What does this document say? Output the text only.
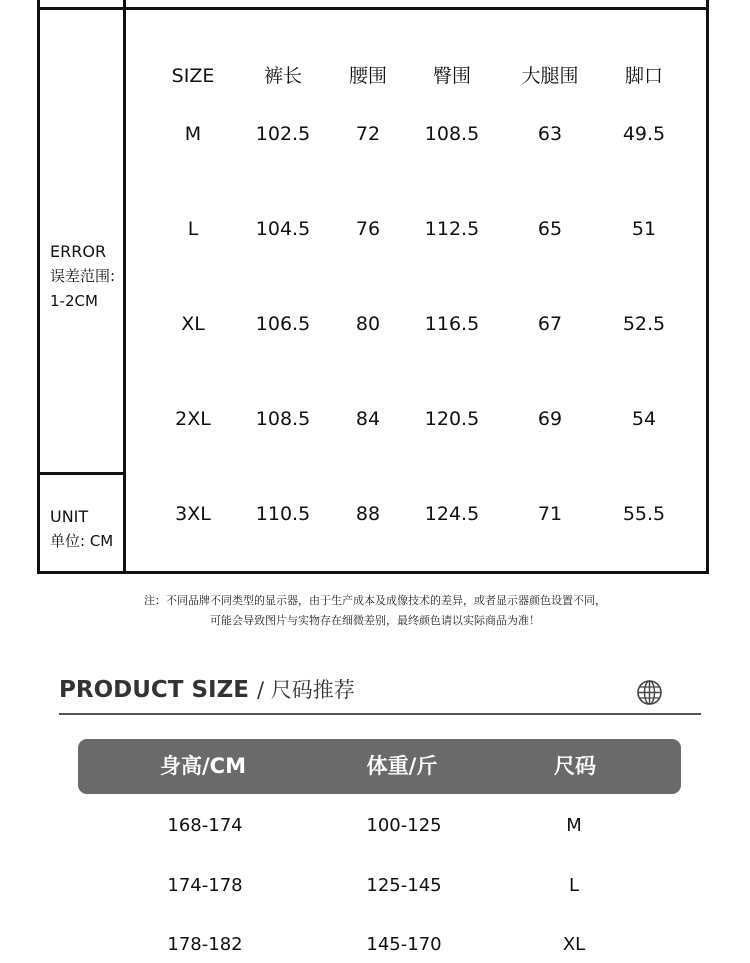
ERROR
误差范围:
1-2CM
UNIT
单位: CM
SIZE	裤长	腰围	臀围	大腿围	脚口
M	102.5	72	108.5	63	49.5
L	104.5	76	112.5	65	51
XL	106.5	80	116.5	67	52.5
2XL	108.5	84	120.5	69	54
3XL	110.5	88	124.5	71	55.5
注：不同品牌不同类型的显示器，由于生产成本及成像技术的差异，或者显示器颜色设置不同，
可能会导致图片与实物存在细微差别，最终颜色请以实际商品为准！
PRODUCT SIZE / 尺码推荐
身高/CM	体重/斤	尺码
168-174	100-125	M
174-178	125-145	L
178-182	145-170	XL
